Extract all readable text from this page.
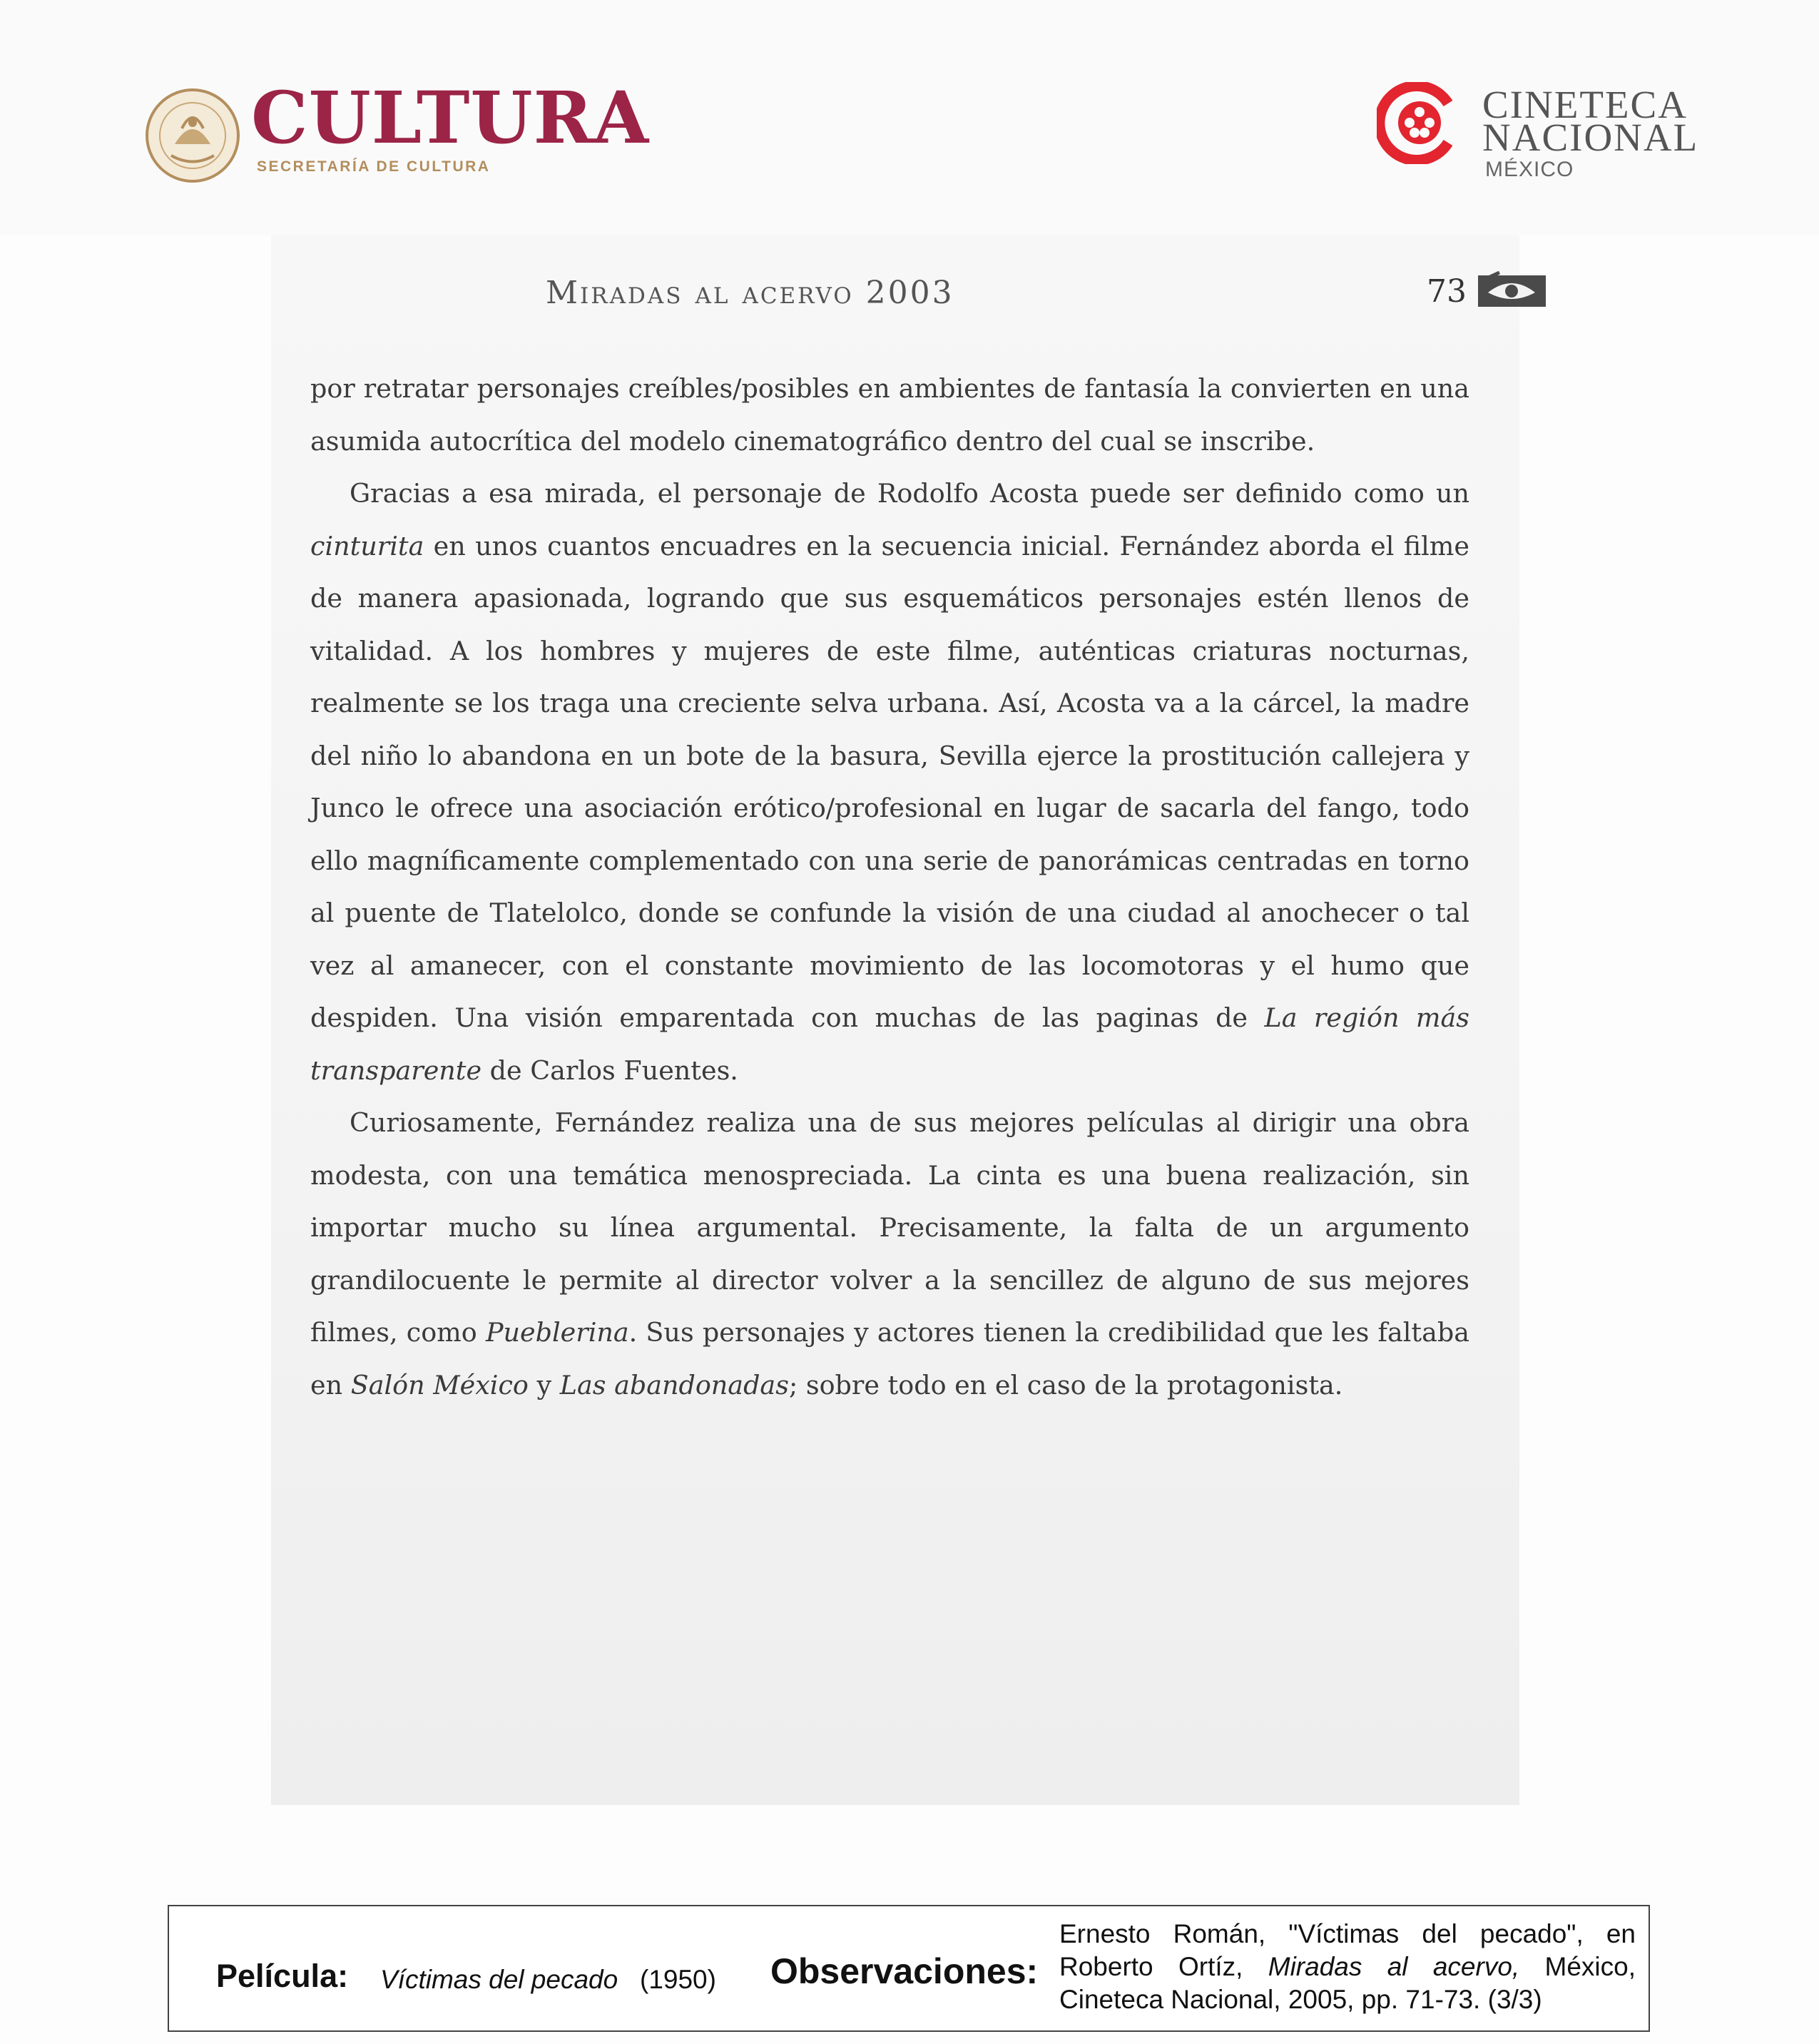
CULTURA
SECRETARÍA DE CULTURA
CINETECA
NACIONAL
MÉXICO
Miradas al acervo 2003	73

por retratar personajes creíbles/posibles en ambientes de fantasía la convierten en una asumida autocrítica del modelo cinematográfico dentro del cual se inscribe.

Gracias a esa mirada, el personaje de Rodolfo Acosta puede ser definido como un cinturita en unos cuantos encuadres en la secuencia inicial. Fernández aborda el filme de manera apasionada, logrando que sus esquemáticos personajes estén llenos de vitalidad. A los hombres y mujeres de este filme, auténticas criaturas nocturnas, realmente se los traga una creciente selva urbana. Así, Acosta va a la cárcel, la madre del niño lo abandona en un bote de la basura, Sevilla ejerce la prostitución callejera y Junco le ofrece una asociación erótico/profesional en lugar de sacarla del fango, todo ello magníficamente complementado con una serie de panorámicas centradas en torno al puente de Tlatelolco, donde se confunde la visión de una ciudad al anochecer o tal vez al amanecer, con el constante movimiento de las locomotoras y el humo que despiden. Una visión emparentada con muchas de las paginas de La región más transparente de Carlos Fuentes.

Curiosamente, Fernández realiza una de sus mejores películas al dirigir una obra modesta, con una temática menospreciada. La cinta es una buena realización, sin importar mucho su línea argumental. Precisamente, la falta de un argumento grandilocuente le permite al director volver a la sencillez de alguno de sus mejores filmes, como Pueblerina. Sus personajes y actores tienen la credibilidad que les faltaba en Salón México y Las abandonadas; sobre todo en el caso de la protagonista.

Película: Víctimas del pecado (1950) Observaciones:
Ernesto Román, "Víctimas del pecado", en Roberto Ortíz, Miradas al acervo, México, Cineteca Nacional, 2005, pp. 71-73. (3/3)
